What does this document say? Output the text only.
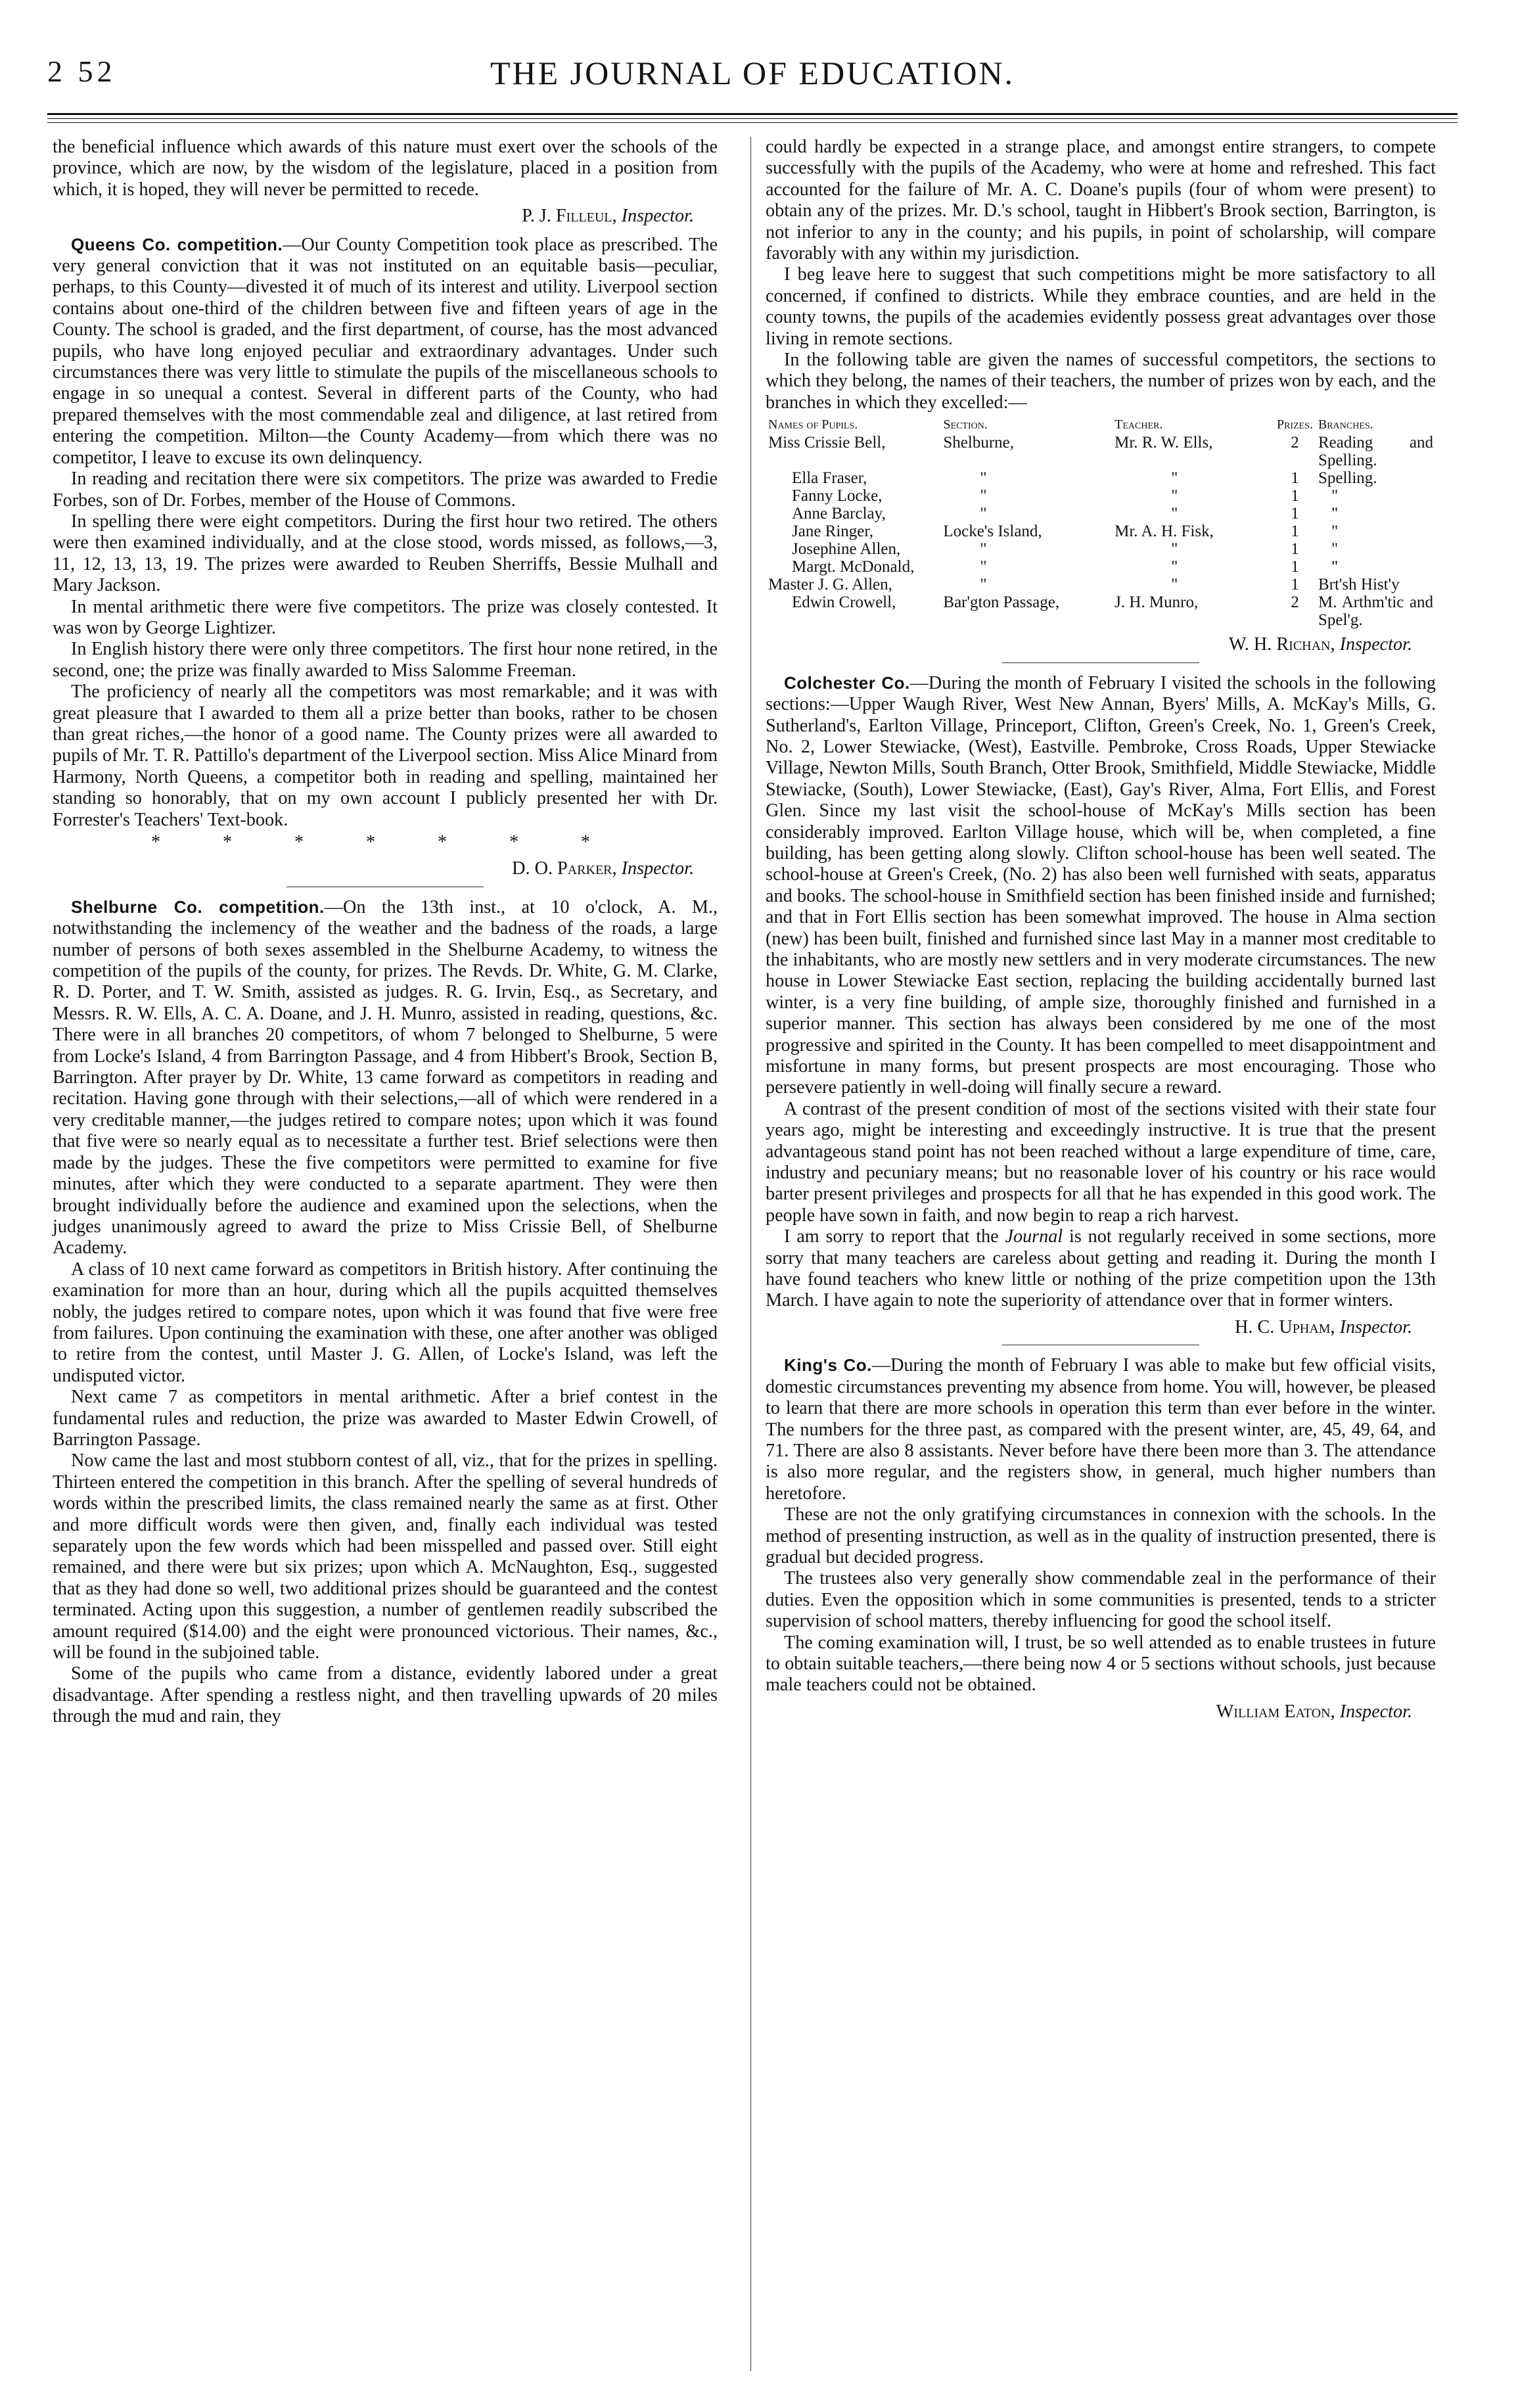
2 52	THE JOURNAL OF EDUCATION.

the beneficial influence which awards of this nature must exert over the schools of the province, which are now, by the wisdom of the legislature, placed in a position from which, it is hoped, they will never be permitted to recede.

P. J. Filleul, Inspector.

Queens Co. competition.—Our County Competition took place as prescribed. The very general conviction that it was not instituted on an equitable basis—peculiar, perhaps, to this County—divested it of much of its interest and utility. Liverpool section contains about one-third of the children between five and fifteen years of age in the County. The school is graded, and the first department, of course, has the most advanced pupils, who have long enjoyed peculiar and extraordinary advantages. Under such circumstances there was very little to stimulate the pupils of the miscellaneous schools to engage in so unequal a contest. Several in different parts of the County, who had prepared themselves with the most commendable zeal and diligence, at last retired from entering the competition. Milton—the County Academy—from which there was no competitor, I leave to excuse its own delinquency.

In reading and recitation there were six competitors. The prize was awarded to Fredie Forbes, son of Dr. Forbes, member of the House of Commons.

In spelling there were eight competitors. During the first hour two retired. The others were then examined individually, and at the close stood, words missed, as follows,—3, 11, 12, 13, 13, 19. The prizes were awarded to Reuben Sherriffs, Bessie Mulhall and Mary Jackson.

In mental arithmetic there were five competitors. The prize was closely contested. It was won by George Lightizer.

In English history there were only three competitors. The first hour none retired, in the second, one; the prize was finally awarded to Miss Salomme Freeman.

The proficiency of nearly all the competitors was most remarkable; and it was with great pleasure that I awarded to them all a prize better than books, rather to be chosen than great riches,—the honor of a good name. The County prizes were all awarded to pupils of Mr. T. R. Pattillo's department of the Liverpool section. Miss Alice Minard from Harmony, North Queens, a competitor both in reading and spelling, maintained her standing so honorably, that on my own account I publicly presented her with Dr. Forrester's Teachers' Text-book.

* * * * * * *
D. O. Parker, Inspector.

Shelburne Co. competition.—On the 13th inst., at 10 o'clock, A. M., notwithstanding the inclemency of the weather and the badness of the roads, a large number of persons of both sexes assembled in the Shelburne Academy, to witness the competition of the pupils of the county, for prizes. The Revds. Dr. White, G. M. Clarke, R. D. Porter, and T. W. Smith, assisted as judges. R. G. Irvin, Esq., as Secretary, and Messrs. R. W. Ells, A. C. A. Doane, and J. H. Munro, assisted in reading, questions, &c. There were in all branches 20 competitors, of whom 7 belonged to Shelburne, 5 were from Locke's Island, 4 from Barrington Passage, and 4 from Hibbert's Brook, Section B, Barrington. After prayer by Dr. White, 13 came forward as competitors in reading and recitation. Having gone through with their selections,—all of which were rendered in a very creditable manner,—the judges retired to compare notes; upon which it was found that five were so nearly equal as to necessitate a further test. Brief selections were then made by the judges. These the five competitors were permitted to examine for five minutes, after which they were conducted to a separate apartment. They were then brought individually before the audience and examined upon the selections, when the judges unanimously agreed to award the prize to Miss Crissie Bell, of Shelburne Academy.

A class of 10 next came forward as competitors in British history. After continuing the examination for more than an hour, during which all the pupils acquitted themselves nobly, the judges retired to compare notes, upon which it was found that five were free from failures. Upon continuing the examination with these, one after another was obliged to retire from the contest, until Master J. G. Allen, of Locke's Island, was left the undisputed victor.

Next came 7 as competitors in mental arithmetic. After a brief contest in the fundamental rules and reduction, the prize was awarded to Master Edwin Crowell, of Barrington Passage.

Now came the last and most stubborn contest of all, viz., that for the prizes in spelling. Thirteen entered the competition in this branch. After the spelling of several hundreds of words within the prescribed limits, the class remained nearly the same as at first. Other and more difficult words were then given, and, finally each individual was tested separately upon the few words which had been misspelled and passed over. Still eight remained, and there were but six prizes; upon which A. McNaughton, Esq., suggested that as they had done so well, two additional prizes should be guaranteed and the contest terminated. Acting upon this suggestion, a number of gentlemen readily subscribed the amount required ($14.00) and the eight were pronounced victorious. Their names, &c., will be found in the subjoined table.

Some of the pupils who came from a distance, evidently labored under a great disadvantage. After spending a restless night, and then travelling upwards of 20 miles through the mud and rain, they

could hardly be expected in a strange place, and amongst entire strangers, to compete successfully with the pupils of the Academy, who were at home and refreshed. This fact accounted for the failure of Mr. A. C. Doane's pupils (four of whom were present) to obtain any of the prizes. Mr. D.'s school, taught in Hibbert's Brook section, Barrington, is not inferior to any in the county; and his pupils, in point of scholarship, will compare favorably with any within my jurisdiction.

I beg leave here to suggest that such competitions might be more satisfactory to all concerned, if confined to districts. While they embrace counties, and are held in the county towns, the pupils of the academies evidently possess great advantages over those living in remote sections.

In the following table are given the names of successful competitors, the sections to which they belong, the names of their teachers, the number of prizes won by each, and the branches in which they excelled:—

Names of Pupils.	Section.	Teacher.	Prizes.	Branches.
Miss Crissie Bell,	Shelburne,	Mr. R. W. Ells,	2	Reading and Spelling.
Ella Fraser,	"	"	1	Spelling.
Fanny Locke,	"	"	1	"
Anne Barclay,	"	"	1	"
Jane Ringer,	Locke's Island,	Mr. A. H. Fisk,	1	"
Josephine Allen,	"	"	1	"
Margt. McDonald,	"	"	1	"
Master J. G. Allen,	"	"	1	Brt'sh Hist'y
Edwin Crowell,	Bar'gton Passage,	J. H. Munro,	2	M. Arthm'tic and Spel'g.
W. H. Richan, Inspector.

Colchester Co.—During the month of February I visited the schools in the following sections:—Upper Waugh River, West New Annan, Byers' Mills, A. McKay's Mills, G. Sutherland's, Earlton Village, Princeport, Clifton, Green's Creek, No. 1, Green's Creek, No. 2, Lower Stewiacke, (West), Eastville. Pembroke, Cross Roads, Upper Stewiacke Village, Newton Mills, South Branch, Otter Brook, Smithfield, Middle Stewiacke, Middle Stewiacke, (South), Lower Stewiacke, (East), Gay's River, Alma, Fort Ellis, and Forest Glen. Since my last visit the school-house of McKay's Mills section has been considerably improved. Earlton Village house, which will be, when completed, a fine building, has been getting along slowly. Clifton school-house has been well seated. The school-house at Green's Creek, (No. 2) has also been well furnished with seats, apparatus and books. The school-house in Smithfield section has been finished inside and furnished; and that in Fort Ellis section has been somewhat improved. The house in Alma section (new) has been built, finished and furnished since last May in a manner most creditable to the inhabitants, who are mostly new settlers and in very moderate circumstances. The new house in Lower Stewiacke East section, replacing the building accidentally burned last winter, is a very fine building, of ample size, thoroughly finished and furnished in a superior manner. This section has always been considered by me one of the most progressive and spirited in the County. It has been compelled to meet disappointment and misfortune in many forms, but present prospects are most encouraging. Those who persevere patiently in well-doing will finally secure a reward.

A contrast of the present condition of most of the sections visited with their state four years ago, might be interesting and exceedingly instructive. It is true that the present advantageous stand point has not been reached without a large expenditure of time, care, industry and pecuniary means; but no reasonable lover of his country or his race would barter present privileges and prospects for all that he has expended in this good work. The people have sown in faith, and now begin to reap a rich harvest.

I am sorry to report that the Journal is not regularly received in some sections, more sorry that many teachers are careless about getting and reading it. During the month I have found teachers who knew little or nothing of the prize competition upon the 13th March. I have again to note the superiority of attendance over that in former winters.

H. C. Upham, Inspector.

King's Co.—During the month of February I was able to make but few official visits, domestic circumstances preventing my absence from home. You will, however, be pleased to learn that there are more schools in operation this term than ever before in the winter. The numbers for the three past, as compared with the present winter, are, 45, 49, 64, and 71. There are also 8 assistants. Never before have there been more than 3. The attendance is also more regular, and the registers show, in general, much higher numbers than heretofore.

These are not the only gratifying circumstances in connexion with the schools. In the method of presenting instruction, as well as in the quality of instruction presented, there is gradual but decided progress.

The trustees also very generally show commendable zeal in the performance of their duties. Even the opposition which in some communities is presented, tends to a stricter supervision of school matters, thereby influencing for good the school itself.

The coming examination will, I trust, be so well attended as to enable trustees in future to obtain suitable teachers,—there being now 4 or 5 sections without schools, just because male teachers could not be obtained.

William Eaton, Inspector.
